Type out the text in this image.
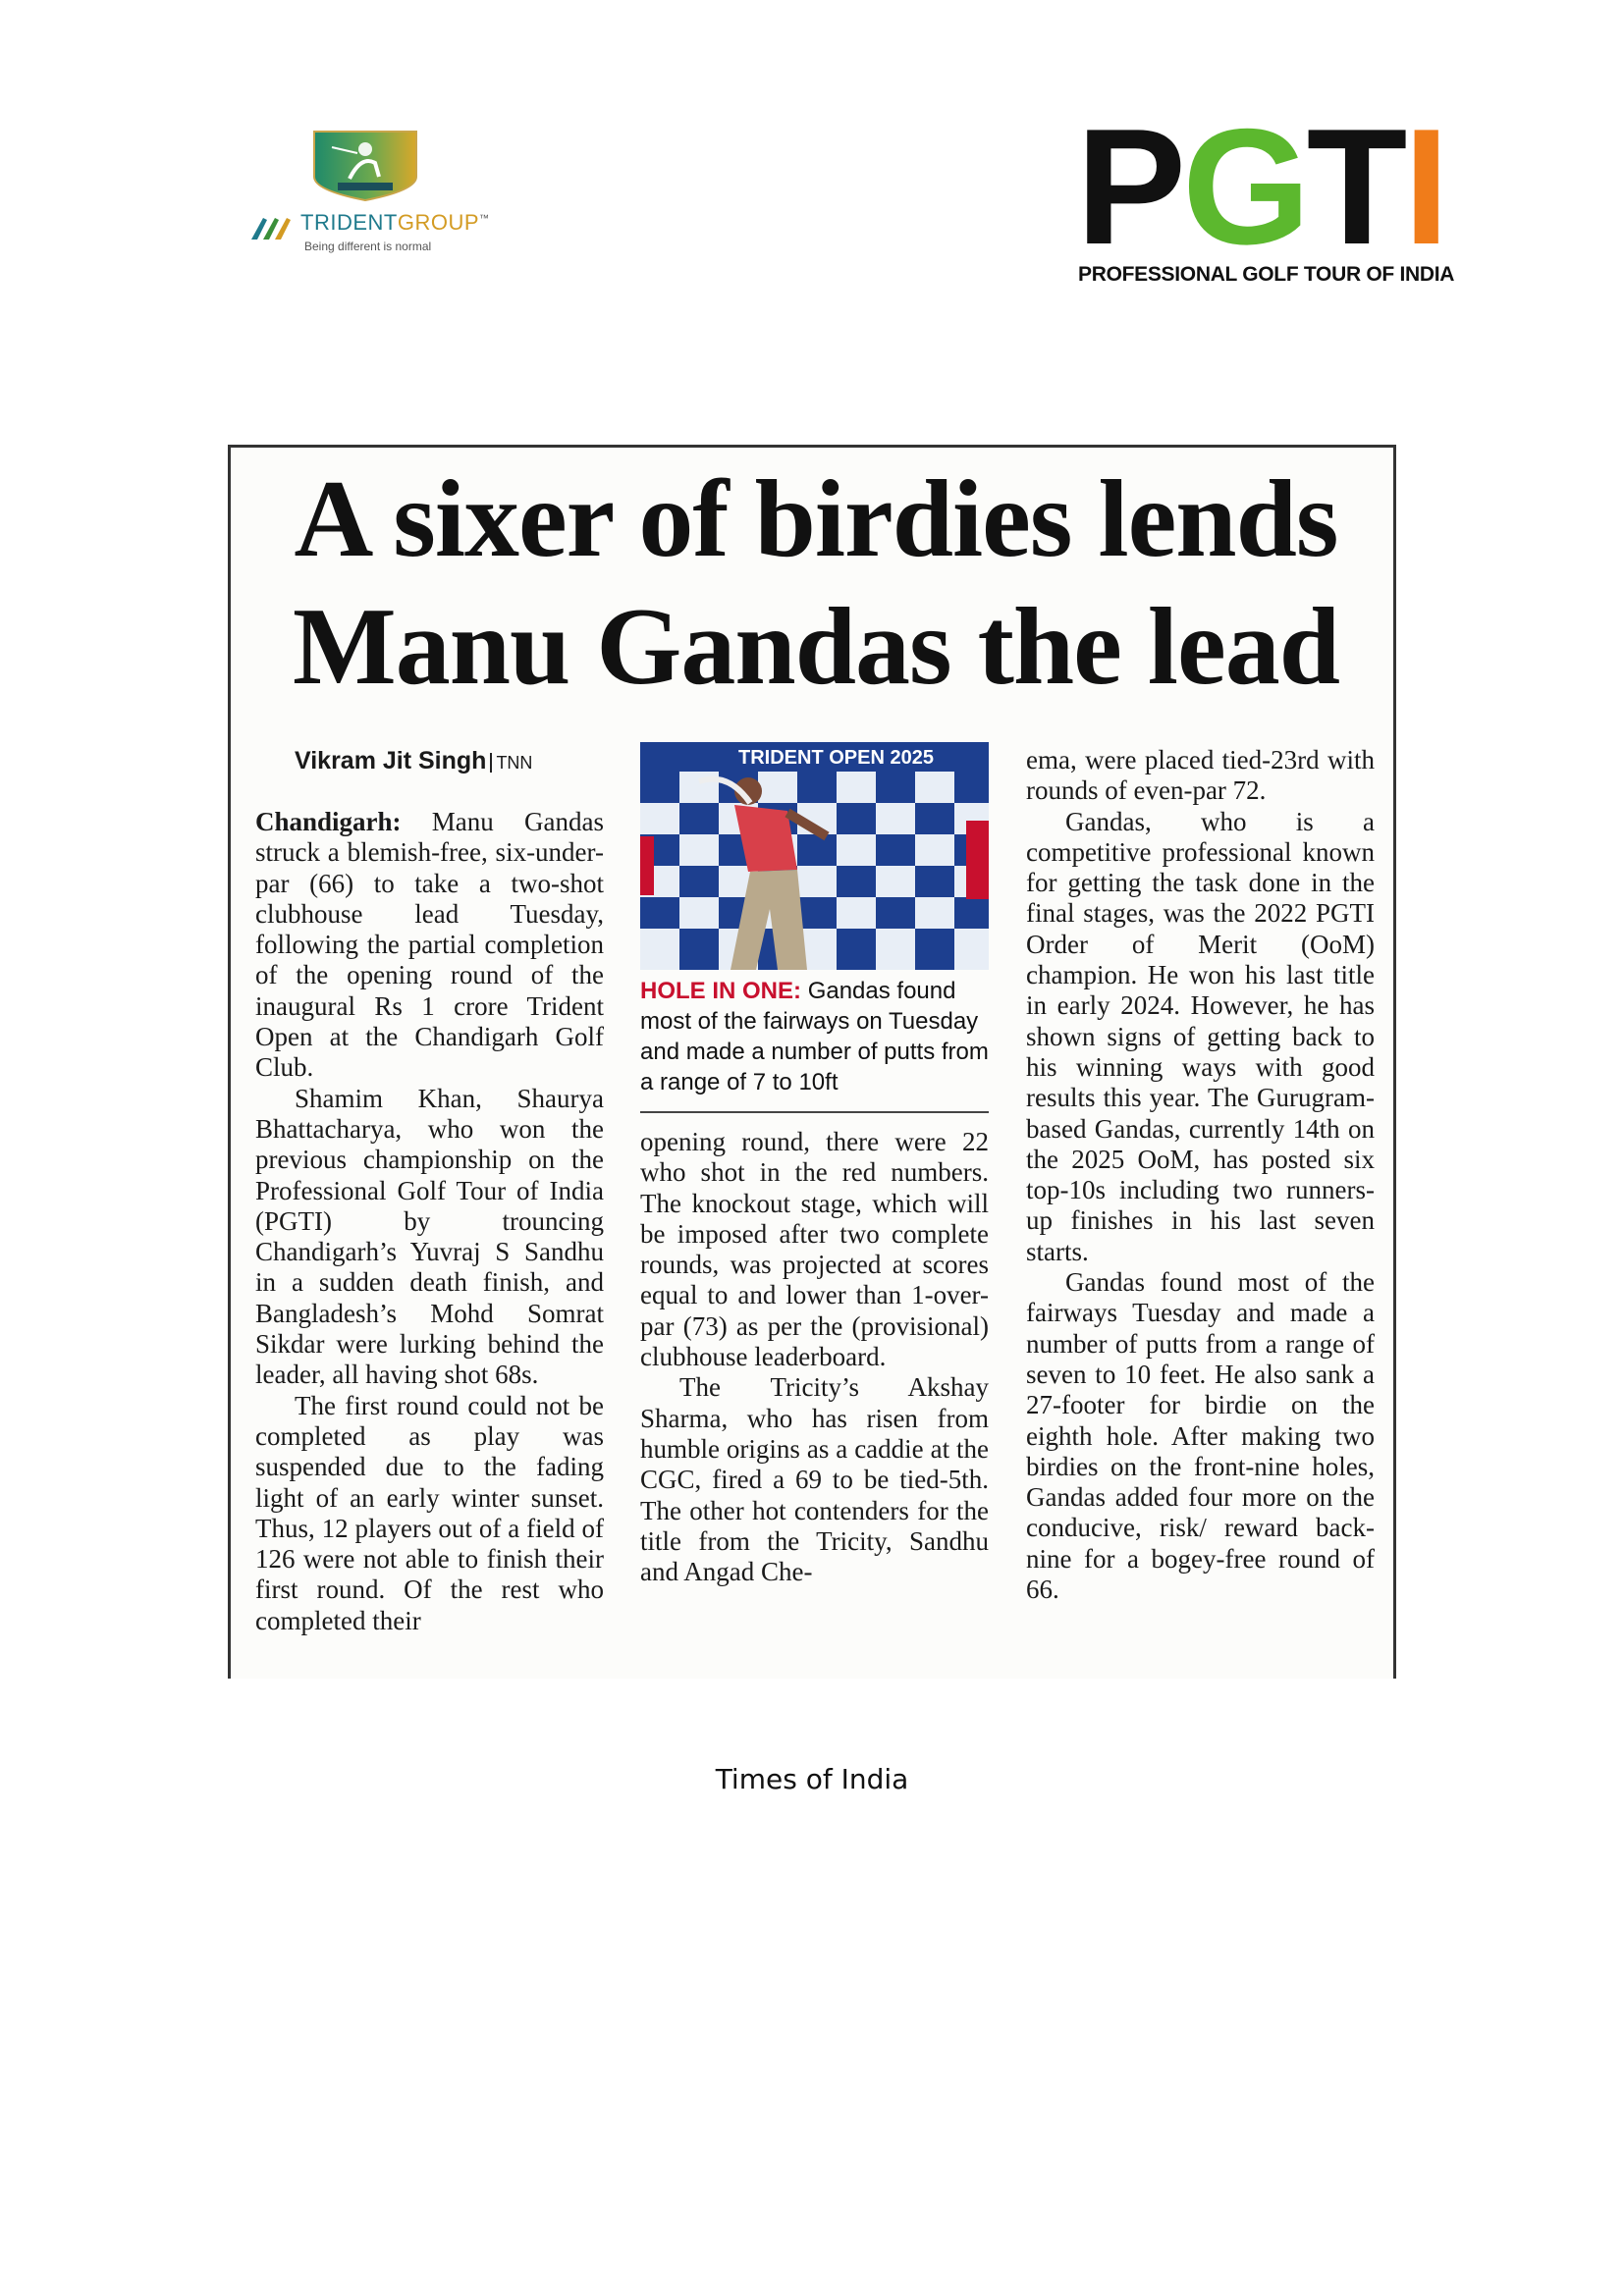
TRIDENTGROUP™
Being different is normal	PGTI
PROFESSIONAL GOLF TOUR OF INDIA
A sixer of birdies lends Manu Gandas the lead
Vikram Jit Singh TNN

Chandigarh: Manu Gandas struck a blemish-free, six-under-par (66) to take a two-shot clubhouse lead Tuesday, following the partial completion of the opening round of the inaugural Rs 1 crore Trident Open at the Chandigarh Golf Club.

Shamim Khan, Shaurya Bhattacharya, who won the previous championship on the Professional Golf Tour of India (PGTI) by trouncing Chandigarh’s Yuvraj S Sandhu in a sudden death finish, and Bangladesh’s Mohd Somrat Sikdar were lurking behind the leader, all having shot 68s.

The first round could not be completed as play was suspended due to the fading light of an early winter sunset. Thus, 12 players out of a field of 126 were not able to finish their first round. Of the rest who completed their

TRIDENT OPEN 2025
HOLE IN ONE: Gandas found most of the fairways on Tuesday and made a number of putts from a range of 7 to 10ft

opening round, there were 22 who shot in the red numbers. The knockout stage, which will be imposed after two complete rounds, was projected at scores equal to and lower than 1-over-par (73) as per the (provisional) clubhouse leaderboard.

The Tricity’s Akshay Sharma, who has risen from humble origins as a caddie at the CGC, fired a 69 to be tied-5th. The other hot contenders for the title from the Tricity, Sandhu and Angad Che-

ema, were placed tied-23rd with rounds of even-par 72.

Gandas, who is a competitive professional known for getting the task done in the final stages, was the 2022 PGTI Order of Merit (OoM) champion. He won his last title in early 2024. However, he has shown signs of getting back to his winning ways with good results this year. The Gurugram-based Gandas, currently 14th on the 2025 OoM, has posted six top-10s including two runners-up finishes in his last seven starts.

Gandas found most of the fairways Tuesday and made a number of putts from a range of seven to 10 feet. He also sank a 27-footer for birdie on the eighth hole. After making two birdies on the front-nine holes, Gandas added four more on the conducive, risk/ reward back-nine for a bogey-free round of 66.

Times of India
